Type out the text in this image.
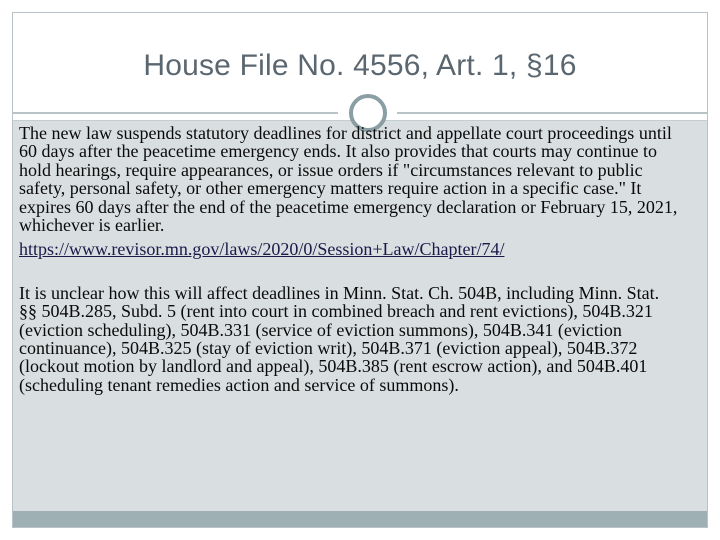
House File No. 4556, Art. 1, §16

The new law suspends statutory deadlines for district and appellate court proceedings until 60 days after the peacetime emergency ends. It also provides that courts may continue to hold hearings, require appearances, or issue orders if "circumstances relevant to public safety, personal safety, or other emergency matters require action in a specific case." It expires 60 days after the end of the peacetime emergency declaration or February 15, 2021, whichever is earlier.

https://www.revisor.mn.gov/laws/2020/0/Session+Law/Chapter/74/

It is unclear how this will affect deadlines in Minn. Stat. Ch. 504B, including Minn. Stat. §§ 504B.285, Subd. 5 (rent into court in combined breach and rent evictions), 504B.321 (eviction scheduling), 504B.331 (service of eviction summons), 504B.341 (eviction continuance), 504B.325 (stay of eviction writ), 504B.371 (eviction appeal), 504B.372 (lockout motion by landlord and appeal), 504B.385 (rent escrow action), and 504B.401 (scheduling tenant remedies action and service of summons).
